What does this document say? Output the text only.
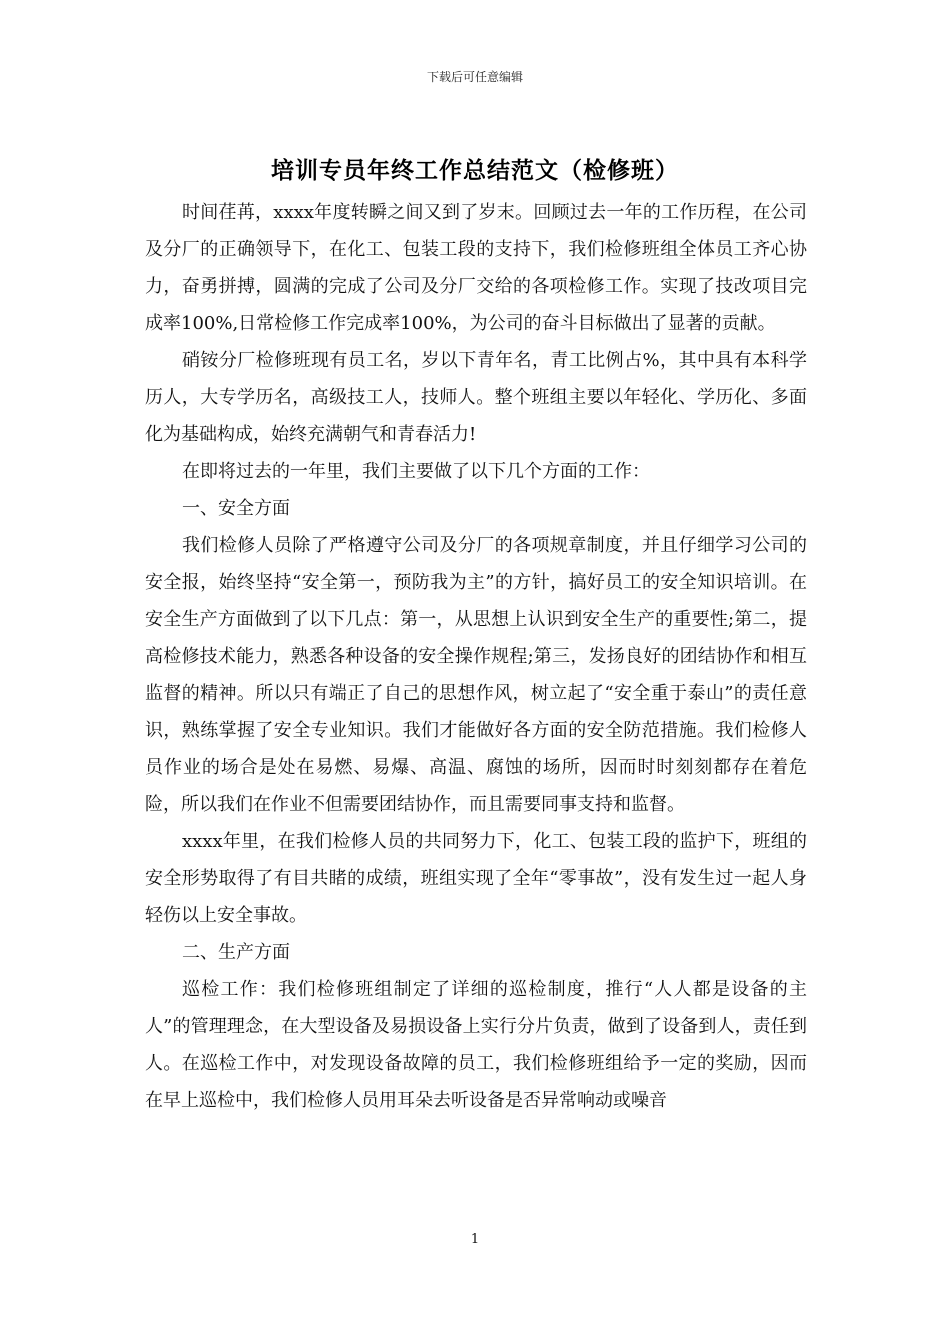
下载后可任意编辑
培训专员年终工作总结范文（检修班）

时间荏苒，xxxx年度转瞬之间又到了岁末。回顾过去一年的工作历程，在公司及分厂的正确领导下，在化工、包装工段的支持下，我们检修班组全体员工齐心协力，奋勇拼搏，圆满的完成了公司及分厂交给的各项检修工作。实现了技改项目完成率100%,日常检修工作完成率100%，为公司的奋斗目标做出了显著的贡献。

硝铵分厂检修班现有员工名，岁以下青年名，青工比例占%，其中具有本科学历人，大专学历名，高级技工人，技师人。整个班组主要以年轻化、学历化、多面化为基础构成，始终充满朝气和青春活力!

在即将过去的一年里，我们主要做了以下几个方面的工作：

一、安全方面

我们检修人员除了严格遵守公司及分厂的各项规章制度，并且仔细学习公司的安全报，始终坚持“安全第一，预防我为主”的方针，搞好员工的安全知识培训。在安全生产方面做到了以下几点：第一，从思想上认识到安全生产的重要性;第二，提高检修技术能力，熟悉各种设备的安全操作规程;第三，发扬良好的团结协作和相互监督的精神。所以只有端正了自己的思想作风，树立起了“安全重于泰山”的责任意识，熟练掌握了安全专业知识。我们才能做好各方面的安全防范措施。我们检修人员作业的场合是处在易燃、易爆、高温、腐蚀的场所，因而时时刻刻都存在着危险，所以我们在作业不但需要团结协作，而且需要同事支持和监督。

xxxx年里，在我们检修人员的共同努力下，化工、包装工段的监护下，班组的安全形势取得了有目共睹的成绩，班组实现了全年“零事故”，没有发生过一起人身轻伤以上安全事故。

二、生产方面

巡检工作：我们检修班组制定了详细的巡检制度，推行“人人都是设备的主人”的管理理念，在大型设备及易损设备上实行分片负责，做到了设备到人，责任到人。在巡检工作中，对发现设备故障的员工，我们检修班组给予一定的奖励，因而在早上巡检中，我们检修人员用耳朵去听设备是否异常响动或噪音

1
